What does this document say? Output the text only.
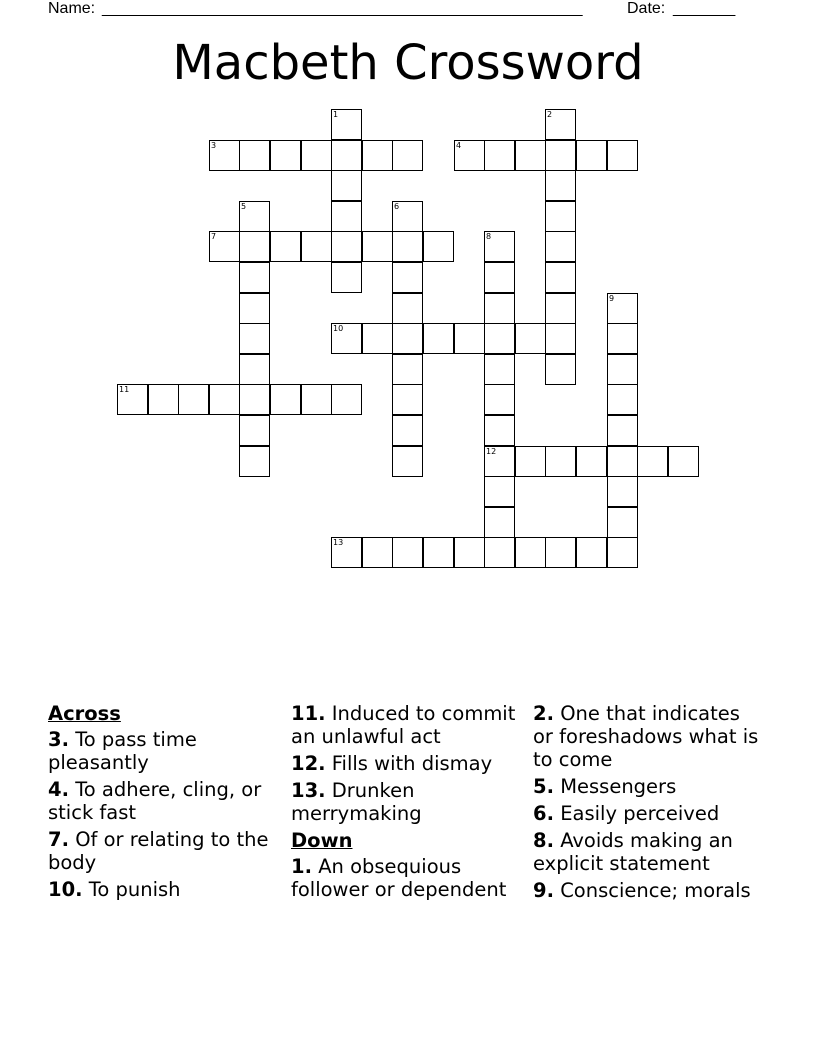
Name: ______________________________________________________	Date: _______
Macbeth Crossword
1	2
3	4
5	6
7	8
12
9
10
11
13
Across
3. To pass time pleasantly
4. To adhere, cling, or stick fast
7. Of or relating to the body
10. To punish
11. Induced to commit an unlawful act
12. Fills with dismay
13. Drunken merrymaking
Down
1. An obsequious follower or dependent
2. One that indicates or foreshadows what is to come
5. Messengers
6. Easily perceived
8. Avoids making an explicit statement
9. Conscience; morals
